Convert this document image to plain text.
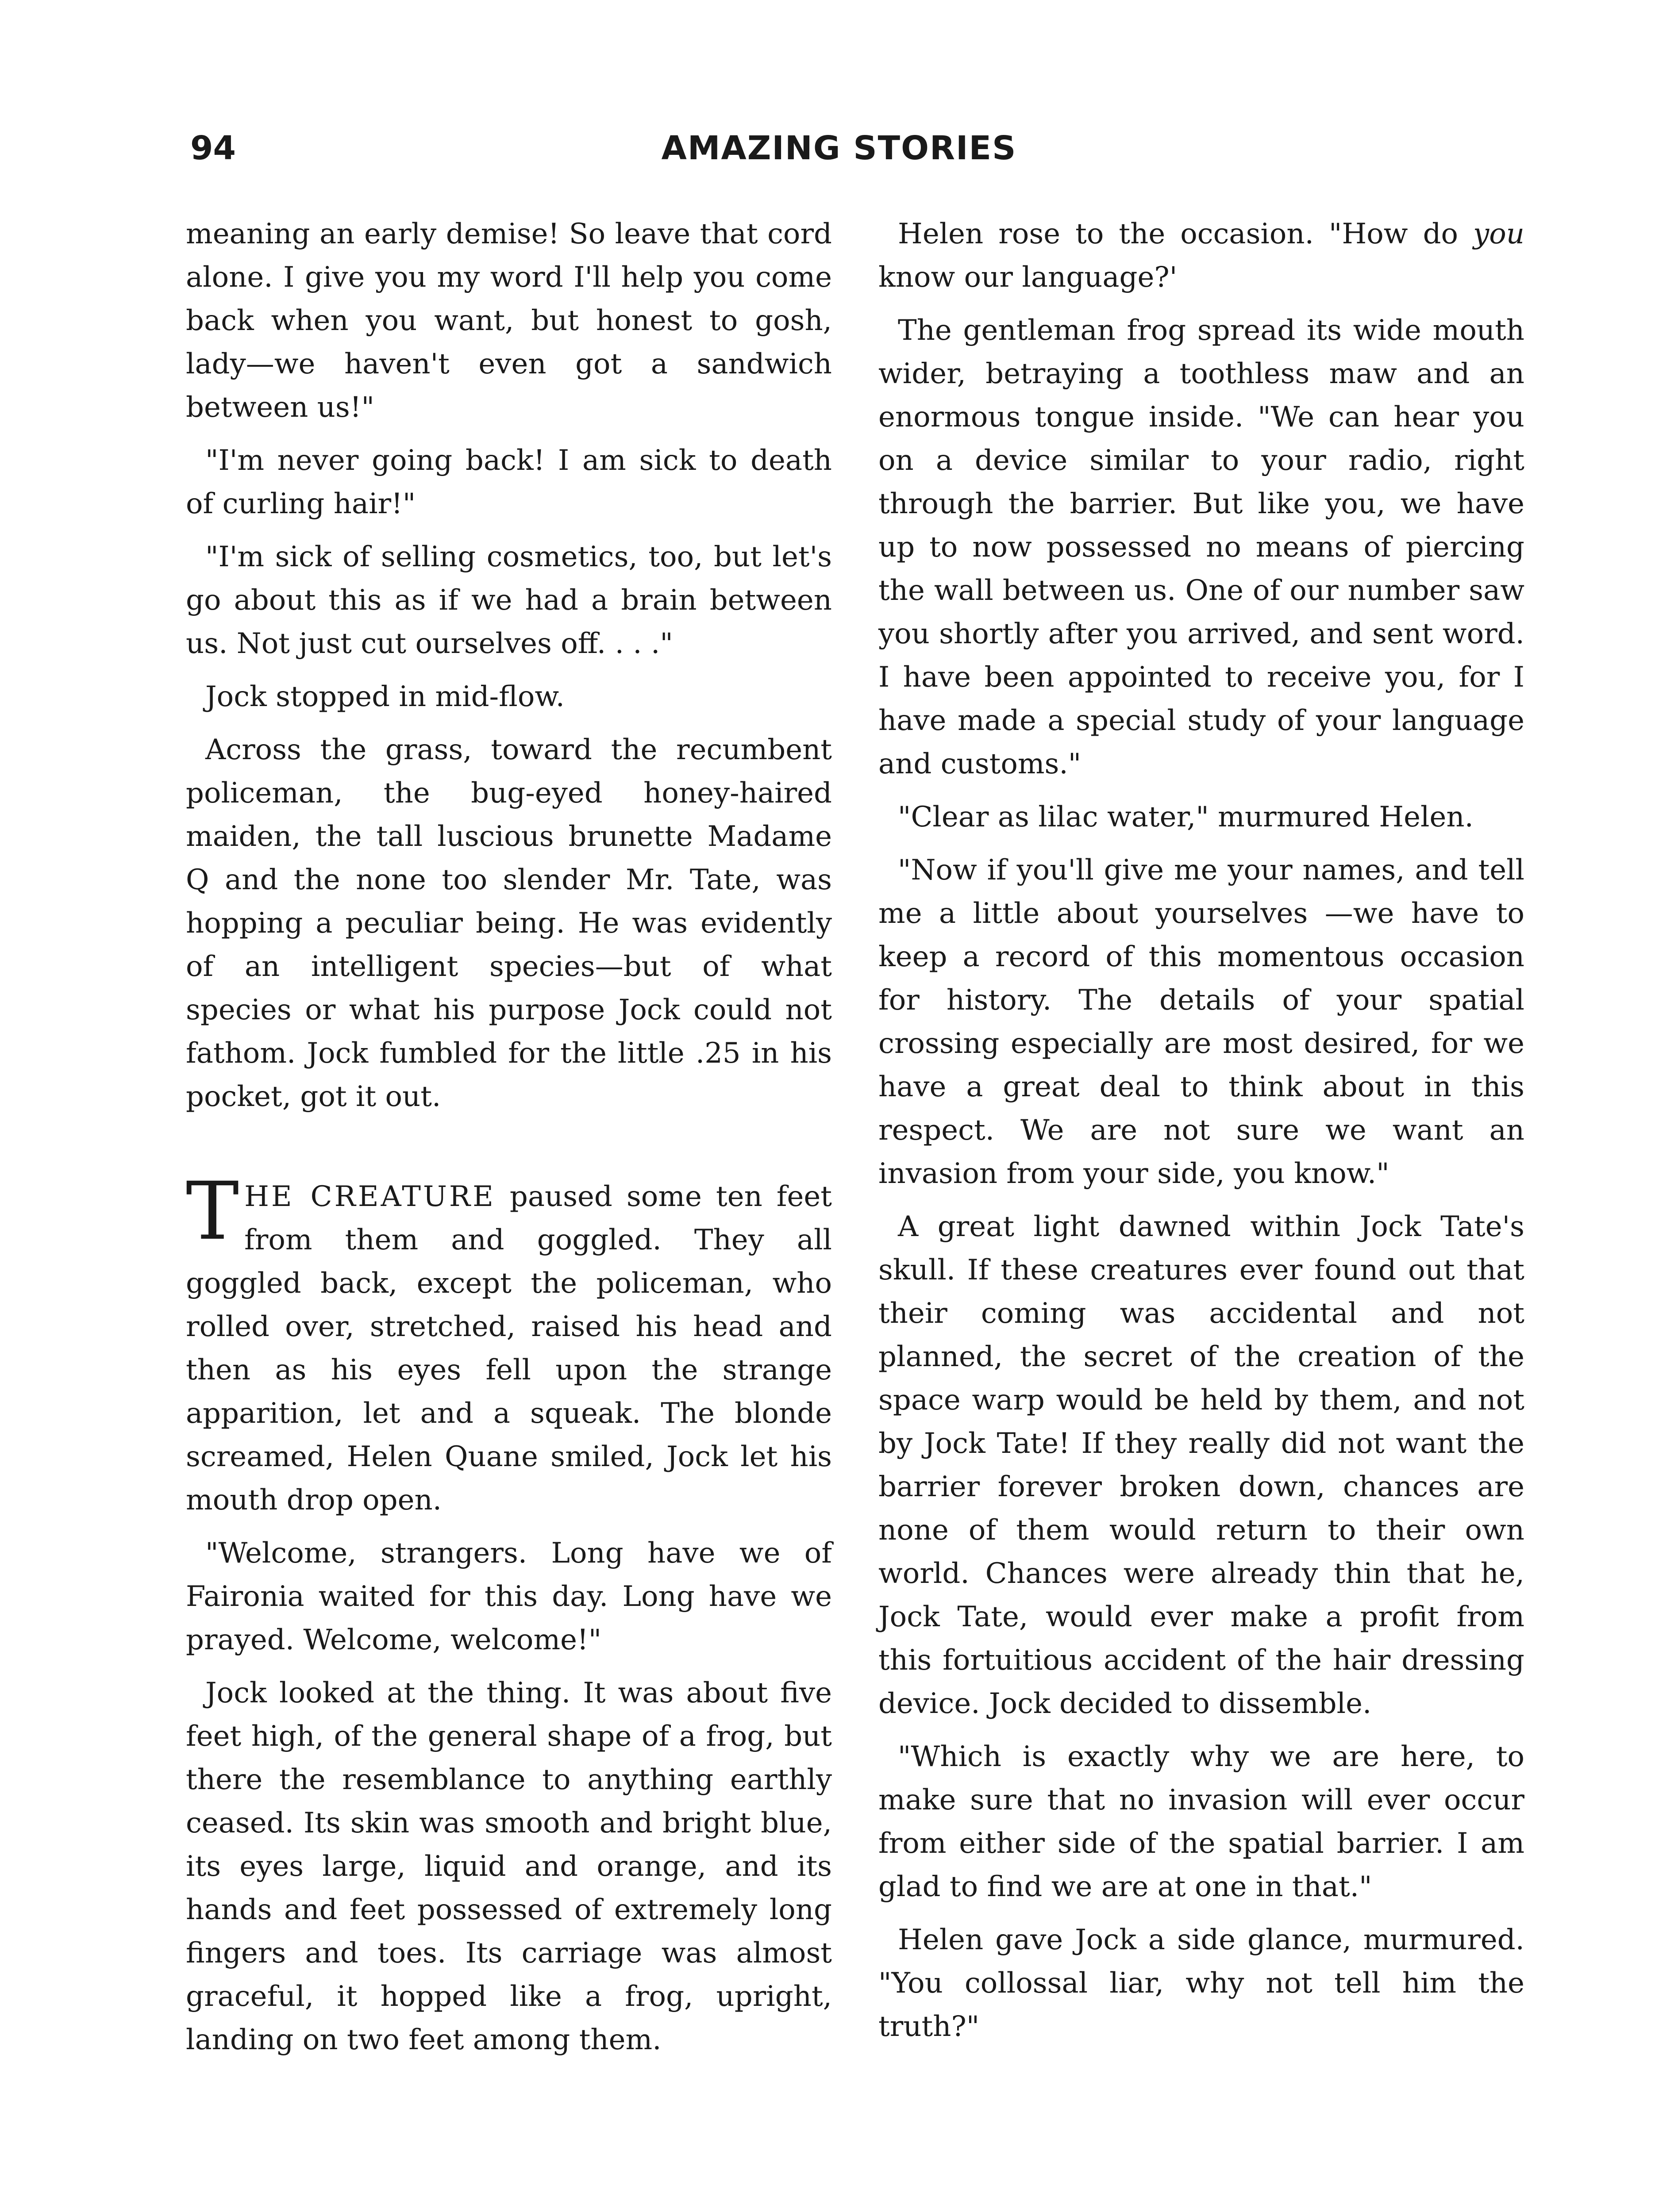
94	AMAZING STORIES

meaning an early demise! So leave that cord alone. I give you my word I'll help you come back when you want, but honest to gosh, lady—we haven't even got a sandwich between us!"

"I'm never going back! I am sick to death of curling hair!"

"I'm sick of selling cosmetics, too, but let's go about this as if we had a brain between us. Not just cut ourselves off. . . ."

Jock stopped in mid-flow.

Across the grass, toward the recumbent policeman, the bug-eyed honey-haired maiden, the tall luscious brunette Madame Q and the none too slender Mr. Tate, was hopping a peculiar being. He was evidently of an intelligent species—but of what species or what his purpose Jock could not fathom. Jock fumbled for the little .25 in his pocket, got it out.

THE CREATURE paused some ten feet from them and goggled. They all goggled back, except the policeman, who rolled over, stretched, raised his head and then as his eyes fell upon the strange apparition, let and a squeak. The blonde screamed, Helen Quane smiled, Jock let his mouth drop open.

"Welcome, strangers. Long have we of Faironia waited for this day. Long have we prayed. Welcome, welcome!"

Jock looked at the thing. It was about five feet high, of the general shape of a frog, but there the resemblance to anything earthly ceased. Its skin was smooth and bright blue, its eyes large, liquid and orange, and its hands and feet possessed of extremely long fingers and toes. Its carriage was almost graceful, it hopped like a frog, upright, landing on two feet among them.

Helen rose to the occasion. "How do you know our language?'

The gentleman frog spread its wide mouth wider, betraying a toothless maw and an enormous tongue inside. "We can hear you on a device similar to your radio, right through the barrier. But like you, we have up to now possessed no means of piercing the wall between us. One of our number saw you shortly after you arrived, and sent word. I have been appointed to receive you, for I have made a special study of your language and customs."

"Clear as lilac water," murmured Helen.

"Now if you'll give me your names, and tell me a little about yourselves —we have to keep a record of this momentous occasion for history. The details of your spatial crossing especially are most desired, for we have a great deal to think about in this respect. We are not sure we want an invasion from your side, you know."

A great light dawned within Jock Tate's skull. If these creatures ever found out that their coming was accidental and not planned, the secret of the creation of the space warp would be held by them, and not by Jock Tate! If they really did not want the barrier forever broken down, chances are none of them would return to their own world. Chances were already thin that he, Jock Tate, would ever make a profit from this fortuitious accident of the hair dressing device. Jock decided to dissemble.

"Which is exactly why we are here, to make sure that no invasion will ever occur from either side of the spatial barrier. I am glad to find we are at one in that."

Helen gave Jock a side glance, murmured. "You collossal liar, why not tell him the truth?"
